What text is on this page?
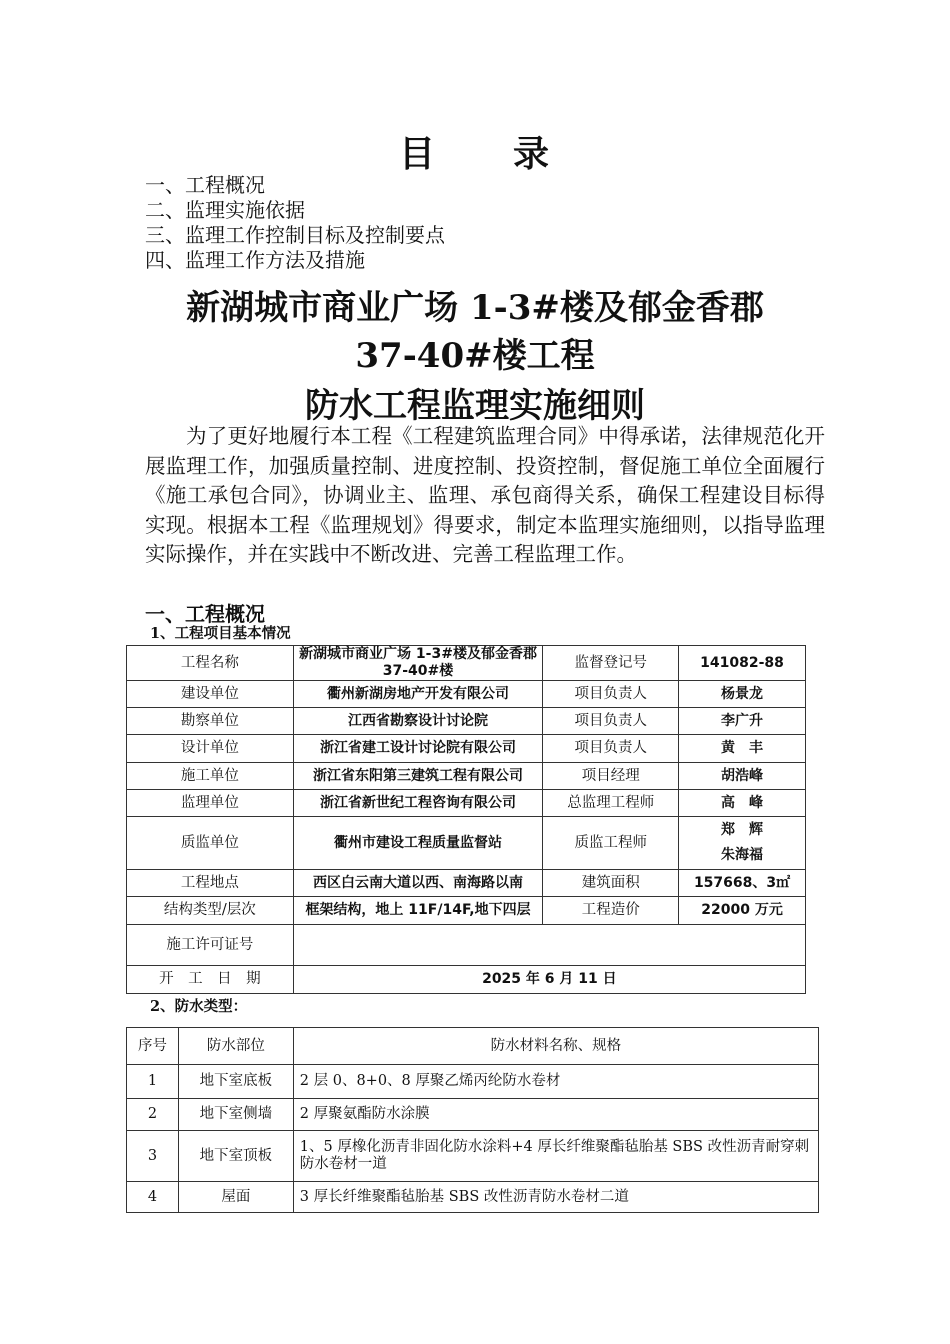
目　　录
一、工程概况
二、监理实施依据
三、监理工作控制目标及控制要点
四、监理工作方法及措施
新湖城市商业广场 1-3#楼及郁金香郡
37-40#楼工程
防水工程监理实施细则

为了更好地履行本工程《工程建筑监理合同》中得承诺，法律规范化开展监理工作，加强质量控制、进度控制、投资控制，督促施工单位全面履行《施工承包合同》，协调业主、监理、承包商得关系，确保工程建设目标得实现。根据本工程《监理规划》得要求，制定本监理实施细则，以指导监理实际操作，并在实践中不断改进、完善工程监理工作。

一、工程概况
1、工程项目基本情况
工程名称	新湖城市商业广场 1-3#楼及郁金香郡 37-40#楼	监督登记号	141082-88
建设单位	衢州新湖房地产开发有限公司	项目负责人	杨景龙
勘察单位	江西省勘察设计讨论院	项目负责人	李广升
设计单位	浙江省建工设计讨论院有限公司	项目负责人	黄　丰
施工单位	浙江省东阳第三建筑工程有限公司	项目经理	胡浩峰
监理单位	浙江省新世纪工程咨询有限公司	总监理工程师	高　峰
质监单位	衢州市建设工程质量监督站	质监工程师	郑　辉
朱海福

工程地点	西区白云南大道以西、南海路以南	建筑面积	157668、3㎡
结构类型/层次	框架结构，地上 11F/14F,地下四层	工程造价	22000 万元
施工许可证号			
开　工　日　期	2025 年 6 月 11 日		
2、防水类型：
序号	防水部位	防水材料名称、规格
1	地下室底板	2 层 0、8+0、8 厚聚乙烯丙纶防水卷材
2	地下室侧墙	2 厚聚氨酯防水涂膜
3	地下室顶板	1、5 厚橡化沥青非固化防水涂料+4 厚长纤维聚酯毡胎基 SBS 改性沥青耐穿刺防水卷材一道
4	屋面	3 厚长纤维聚酯毡胎基 SBS 改性沥青防水卷材二道
